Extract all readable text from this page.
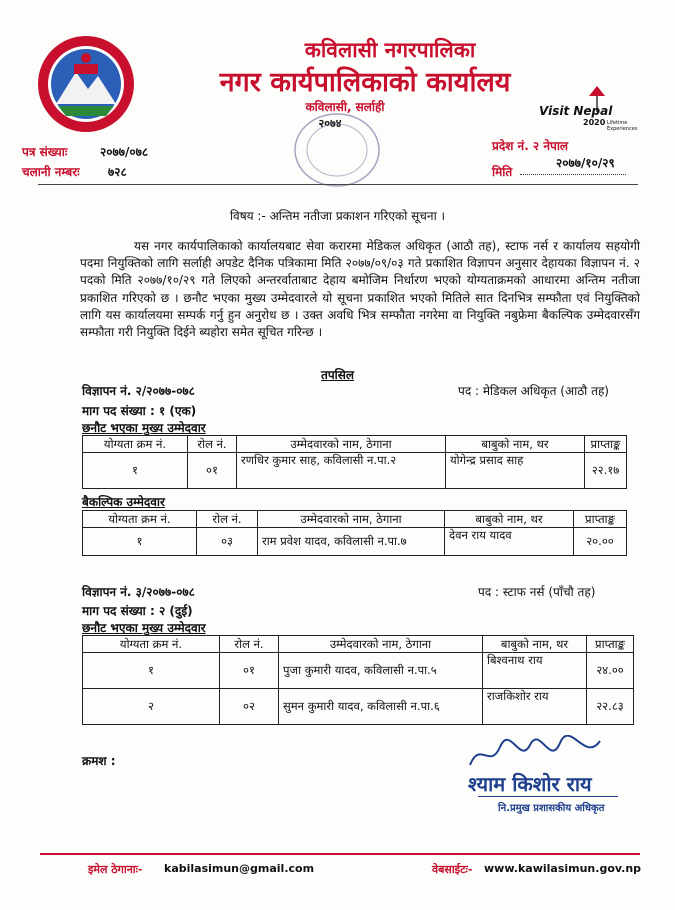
कविलासी नगरपालिका
नगर कार्यपालिकाको कार्यालय
कविलासी, सर्लाही
२०७४
Visit Nepal
2020 Lifetime Experiences
पत्र संख्याः	२०७७/०७८
चलानी नम्बरः ७२८
प्रदेश नं. २ नेपाल
मिति
२०७७/१०/२९
विषय :- अन्तिम नतीजा प्रकाशन गरिएको सूचना ।
यस नगर कार्यपालिकाको कार्यालयबाट सेवा करारमा मेडिकल अधिकृत (आठौ तह), स्टाफ नर्स र कार्यालय सहयोगी पदमा नियुक्तिको लागि सर्लाही अपडेट दैनिक पत्रिकामा मिति २०७७/०९/०३ गते प्रकाशित विज्ञापन अनुसार देहायका विज्ञापन नं. २ पदको मिति २०७७/१०/२९ गते लिएको अन्तरर्वाताबाट देहाय बमोजिम निर्धारण भएको योग्यताक्रमको आधारमा अन्तिम नतीजा प्रकाशित गरिएको छ । छनौट भएका मुख्य उम्मेदवारले यो सूचना प्रकाशित भएको मितिले सात दिनभित्र सम्फौता एवं नियुक्तिको लागि यस कार्यालयमा सम्पर्क गर्नु हुन अनुरोध छ । उक्त अवधि भित्र सम्फौता नगरेमा वा नियुक्ति नबुफ्रेमा बैकल्पिक उम्मेदवारसँग सम्फौता गरी नियुक्ति दिईने ब्यहोरा समेत सूचित गरिन्छ ।
तपसिल
विज्ञापन नं. २/२०७७-०७८	पद : मेडिकल अधिकृत (आठौ तह)
माग पद संख्या : १ (एक)
छनौट भएका मुख्य उम्मेदवार
योग्यता क्रम नं.	रोल नं.	उम्मेदवारको नाम, ठेगाना	बाबुको नाम, थर	प्राप्ताङ्क
१	०१	रणधिर कुमार साह, कविलासी न.पा.२	योगेन्द्र प्रसाद साह	२२.१७
बैकल्पिक उम्मेदवार
योग्यता क्रम नं.	रोल नं.	उम्मेदवारको नाम, ठेगाना	बाबुको नाम, थर	प्राप्ताङ्क
१	०३	राम प्रवेश यादव, कविलासी न.पा.७	देवन राय यादव	२०.००
विज्ञापन नं. ३/२०७७-०७८	पद : स्टाफ नर्स (पाँचौ तह)
माग पद संख्या : २ (दुई)
छनौट भएका मुख्य उम्मेदवार
योग्यता क्रम नं.	रोल नं.	उम्मेदवारको नाम, ठेगाना	बाबुको नाम, थर	प्राप्ताङ्क
१	०१	पुजा कुमारी यादव, कविलासी न.पा.५	बिश्वनाथ राय	२४.००
२	०२	सुमन कुमारी यादव, कविलासी न.पा.६	राजकिशोर राय	२२.८३
क्रमश :
श्याम किशोर राय
नि.प्रमुख प्रशासकीय अधिकृत
इमेल ठेगानाः- kabilasimun@gmail.com	वेबसाईटः- www.kawilasimun.gov.np
